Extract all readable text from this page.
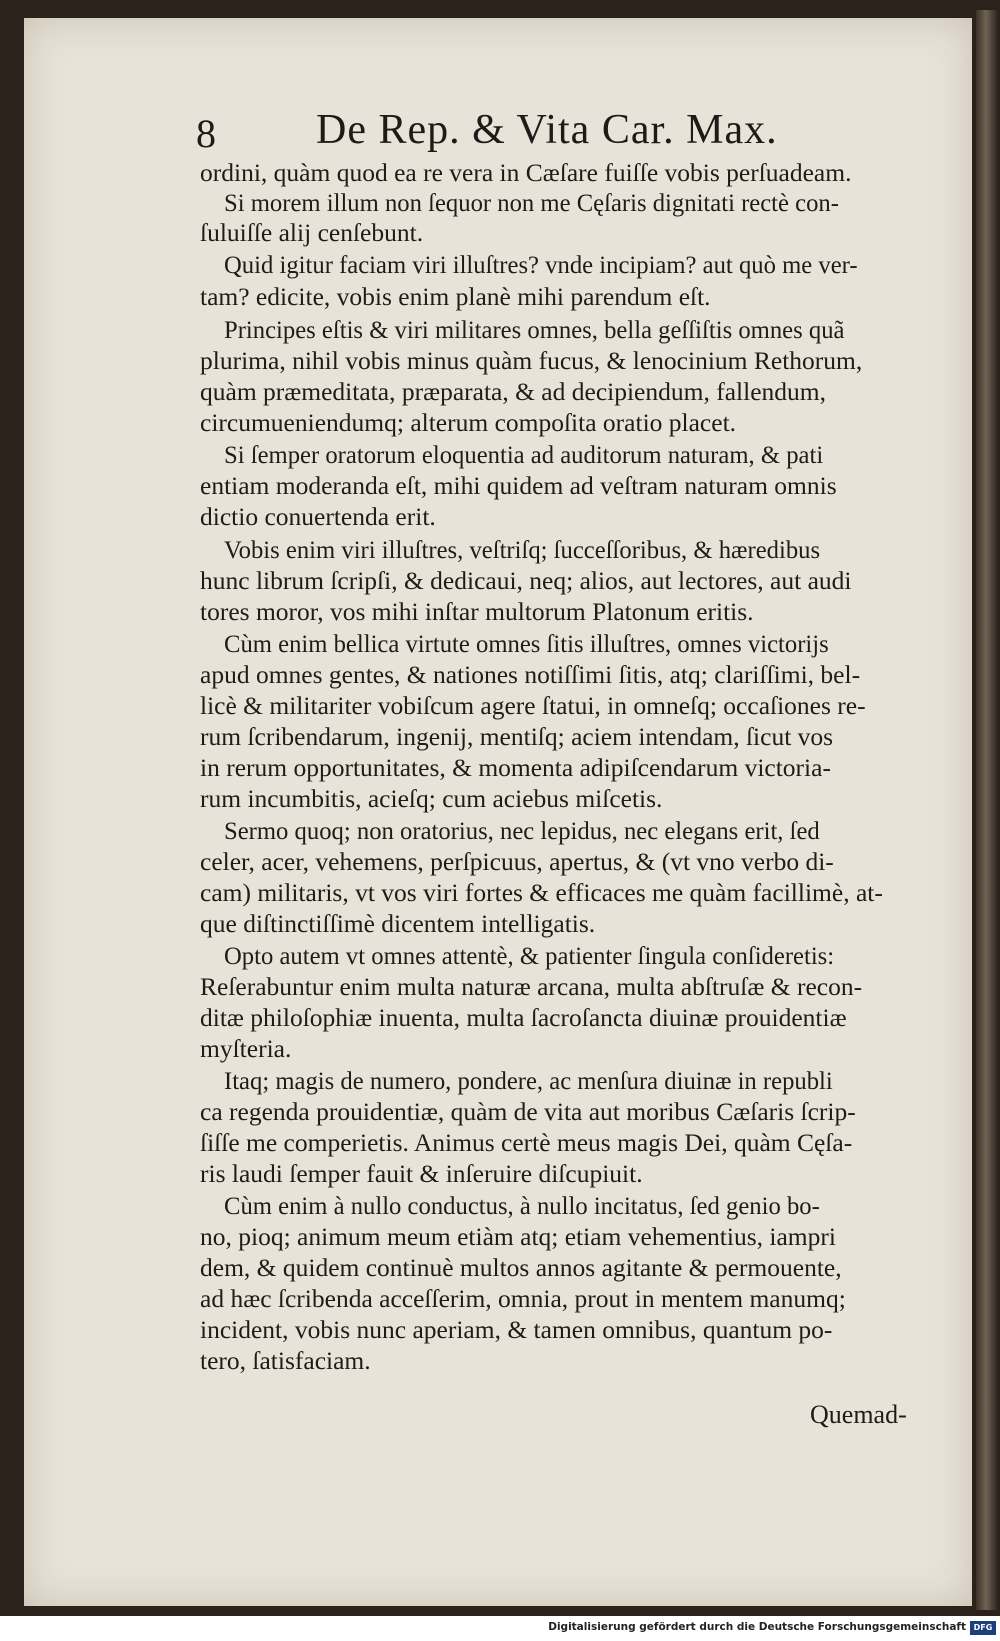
8 De Rep. & Vita Car. Max.
ordini, quàm quod ea re vera in Cæſare fuiſſe vobis perſuadeam.
Si morem illum non ſequor non me Cęſaris dignitati rectè con-
ſuluiſſe alij cenſebunt.
Quid igitur faciam viri illuſtres? vnde incipiam? aut quò me ver-
tam? edicite, vobis enim planè mihi parendum eſt.
Principes eſtis & viri militares omnes, bella geſſiſtis omnes quã
plurima, nihil vobis minus quàm fucus, & lenocinium Rethorum,
quàm præmeditata, præparata, & ad decipiendum, fallendum,
circumueniendumq; alterum compoſita oratio placet.
Si ſemper oratorum eloquentia ad auditorum naturam, & pati
entiam moderanda eſt, mihi quidem ad veſtram naturam omnis
dictio conuertenda erit.
Vobis enim viri illuſtres, veſtriſq; ſucceſſoribus, & hæredibus
hunc librum ſcripſi, & dedicaui, neq; alios, aut lectores, aut audi
tores moror, vos mihi inſtar multorum Platonum eritis.
Cùm enim bellica virtute omnes ſitis illuſtres, omnes victorijs
apud omnes gentes, & nationes notiſſimi ſitis, atq; clariſſimi, bel-
licè & militariter vobiſcum agere ſtatui, in omneſq; occaſiones re-
rum ſcribendarum, ingenij, mentiſq; aciem intendam, ſicut vos
in rerum opportunitates, & momenta adipiſcendarum victoria-
rum incumbitis, acieſq; cum aciebus miſcetis.
Sermo quoq; non oratorius, nec lepidus, nec elegans erit, ſed
celer, acer, vehemens, perſpicuus, apertus, & (vt vno verbo di-
cam) militaris, vt vos viri fortes & efficaces me quàm facillimè, at-
que diſtinctiſſimè dicentem intelligatis.
Opto autem vt omnes attentè, & patienter ſingula conſideretis:
Reſerabuntur enim multa naturæ arcana, multa abſtruſæ & recon-
ditæ philoſophiæ inuenta, multa ſacroſancta diuinæ prouidentiæ
myſteria.
Itaq; magis de numero, pondere, ac menſura diuinæ in republi
ca regenda prouidentiæ, quàm de vita aut moribus Cæſaris ſcrip-
ſiſſe me comperietis. Animus certè meus magis Dei, quàm Cęſa-
ris laudi ſemper fauit & inſeruire diſcupiuit.
Cùm enim à nullo conductus, à nullo incitatus, ſed genio bo-
no, pioq; animum meum etiàm atq; etiam vehementius, iampri
dem, & quidem continuè multos annos agitante & permouente,
ad hæc ſcribenda acceſſerim, omnia, prout in mentem manumq;
incident, vobis nunc aperiam, & tamen omnibus, quantum po-
tero, ſatisfaciam.
Quemad-
Digitalisierung gefördert durch die Deutsche Forschungsgemeinschaft DFG
